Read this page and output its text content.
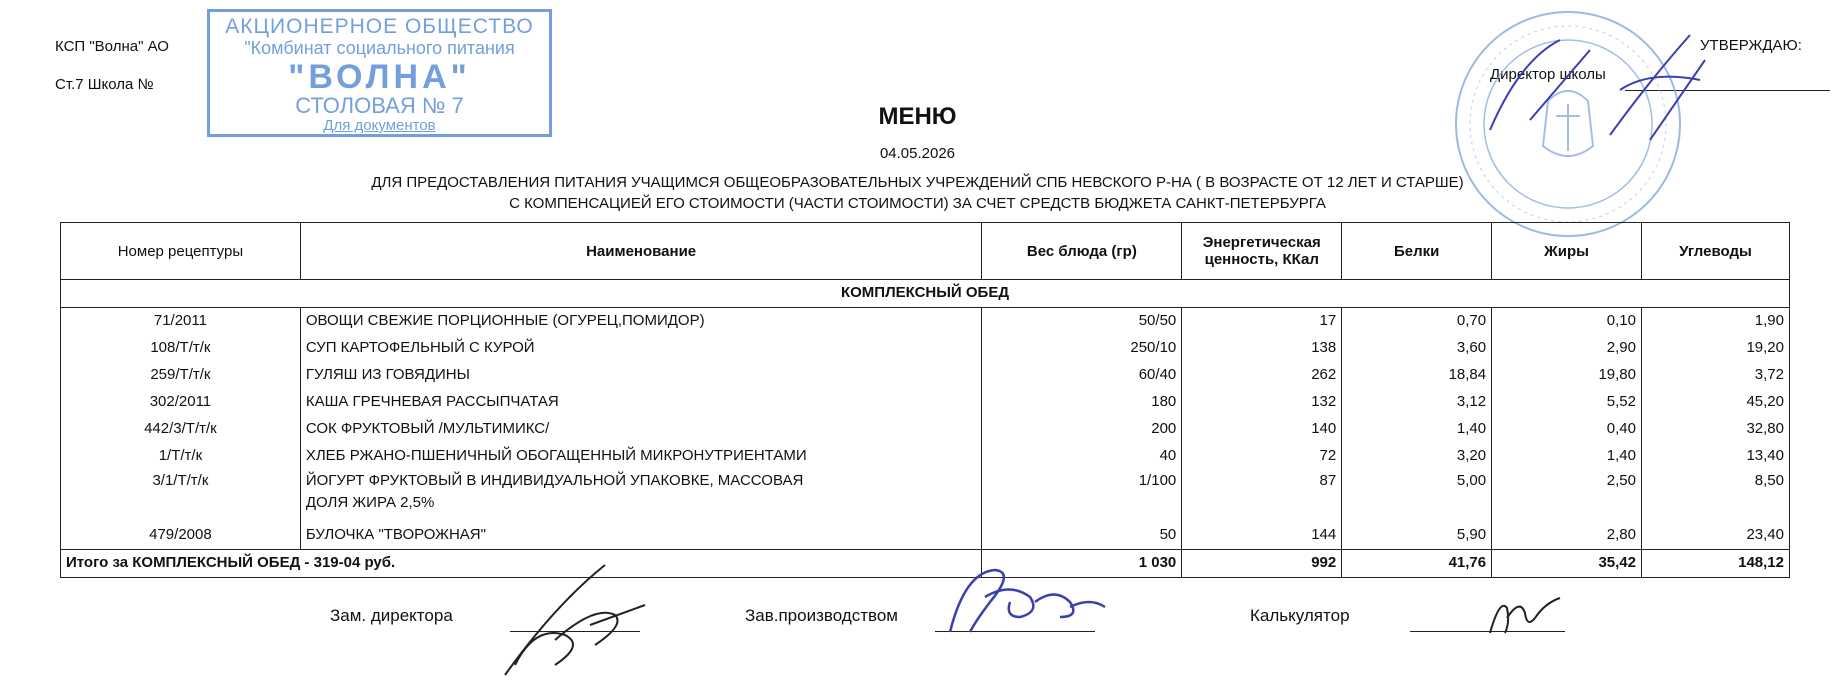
КСП "Волна" АО
Ст.7 Школа №
АКЦИОНЕРНОЕ ОБЩЕСТВО
"Комбинат социального питания
"ВОЛНА"
СТОЛОВАЯ № 7
Для документов
УТВЕРЖДАЮ:
Директор школы
МЕНЮ
04.05.2026
ДЛЯ ПРЕДОСТАВЛЕНИЯ ПИТАНИЯ УЧАЩИМСЯ ОБЩЕОБРАЗОВАТЕЛЬНЫХ УЧРЕЖДЕНИЙ СПБ НЕВСКОГО Р-НА ( В ВОЗРАСТЕ ОТ 12 ЛЕТ И СТАРШЕ)
С КОМПЕНСАЦИЕЙ ЕГО СТОИМОСТИ (ЧАСТИ СТОИМОСТИ) ЗА СЧЕТ СРЕДСТВ БЮДЖЕТА САНКТ-ПЕТЕРБУРГА
Номер рецептуры	Наименование	Вес блюда (гр)	Энергетическая ценность, ККал	Белки	Жиры	Углеводы
КОМПЛЕКСНЫЙ ОБЕД						
71/2011	ОВОЩИ СВЕЖИЕ ПОРЦИОННЫЕ (ОГУРЕЦ,ПОМИДОР)	50/50	17	0,70	0,10	1,90
108/Т/т/к	СУП КАРТОФЕЛЬНЫЙ С КУРОЙ	250/10	138	3,60	2,90	19,20
259/Т/т/к	ГУЛЯШ ИЗ ГОВЯДИНЫ	60/40	262	18,84	19,80	3,72
302/2011	КАША ГРЕЧНЕВАЯ РАССЫПЧАТАЯ	180	132	3,12	5,52	45,20
442/3/Т/т/к	СОК ФРУКТОВЫЙ /МУЛЬТИМИКС/	200	140	1,40	0,40	32,80
1/Т/т/к	ХЛЕБ РЖАНО-ПШЕНИЧНЫЙ ОБОГАЩЕННЫЙ МИКРОНУТРИЕНТАМИ	40	72	3,20	1,40	13,40
3/1/Т/т/к	ЙОГУРТ ФРУКТОВЫЙ В ИНДИВИДУАЛЬНОЙ УПАКОВКЕ, МАССОВАЯ ДОЛЯ ЖИРА 2,5%	1/100	87	5,00	2,50	8,50
479/2008	БУЛОЧКА "ТВОРОЖНАЯ"	50	144	5,90	2,80	23,40
Итого за КОМПЛЕКСНЫЙ ОБЕД - 319-04 руб.		1 030	992	41,76	35,42	148,12
Зам. директора	Зав.производством	Калькулятор
